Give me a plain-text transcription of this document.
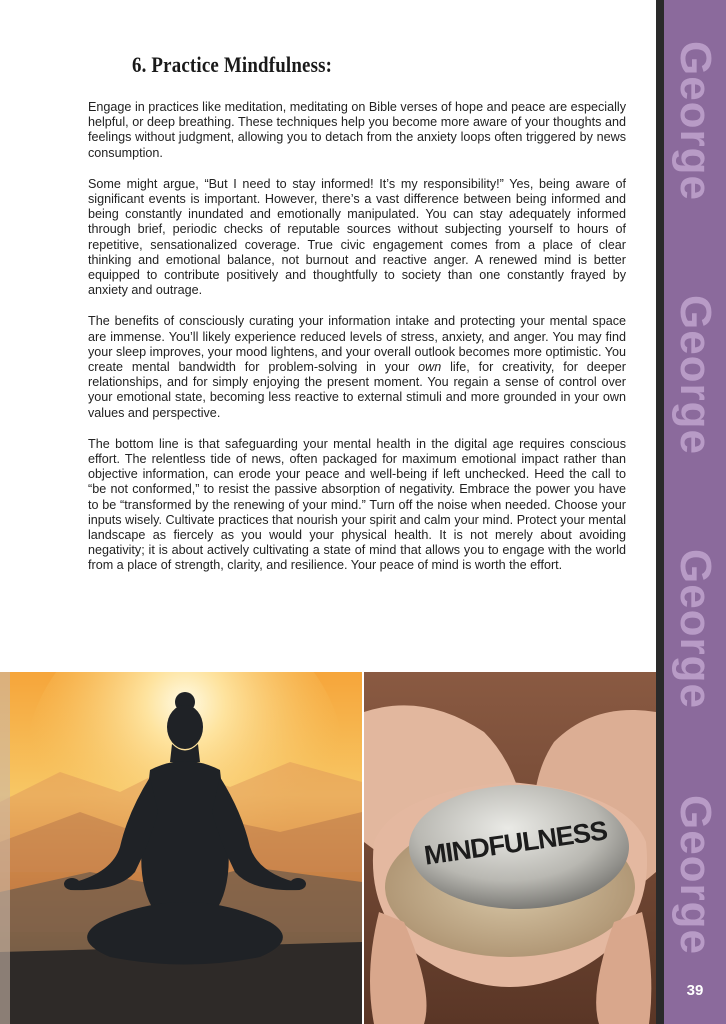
6. Practice Mindfulness:

Engage in practices like meditation, meditating on Bible verses of hope and peace are especially helpful, or deep breathing. These techniques help you become more aware of your thoughts and feelings without judgment, allowing you to detach from the anxiety loops often triggered by news consumption.

Some might argue, “But I need to stay informed! It’s my responsibility!” Yes, being aware of significant events is important. However, there’s a vast difference between being informed and being constantly inundated and emotionally manipulated. You can stay adequately informed through brief, periodic checks of reputable sources without subjecting yourself to hours of repetitive, sensationalized coverage. True civic engagement comes from a place of clear thinking and emotional balance, not burnout and reactive anger. A renewed mind is better equipped to contribute positively and thoughtfully to society than one constantly frayed by anxiety and outrage.

The benefits of consciously curating your information intake and protecting your mental space are immense. You’ll likely experience reduced levels of stress, anxiety, and anger. You may find your sleep improves, your mood lightens, and your overall outlook becomes more optimistic. You create mental bandwidth for problem-solving in your own life, for creativity, for deeper relationships, and for simply enjoying the present moment. You regain a sense of control over your emotional state, becoming less reactive to external stimuli and more grounded in your own values and perspective.

The bottom line is that safeguarding your mental health in the digital age requires conscious effort. The relentless tide of news, often packaged for maximum emotional impact rather than objective information, can erode your peace and well-being if left unchecked. Heed the call to “be not conformed,” to resist the passive absorption of negativity. Embrace the power you have to be “transformed by the renewing of your mind.” Turn off the noise when needed. Choose your inputs wisely. Cultivate practices that nourish your spirit and calm your mind. Protect your mental landscape as fiercely as you would your physical health. It is not merely about avoiding negativity; it is about actively cultivating a state of mind that allows you to engage with the world from a place of strength, clarity, and resilience. Your peace of mind is worth the effort.

MINDFULNESS
George
George
George
George
39
